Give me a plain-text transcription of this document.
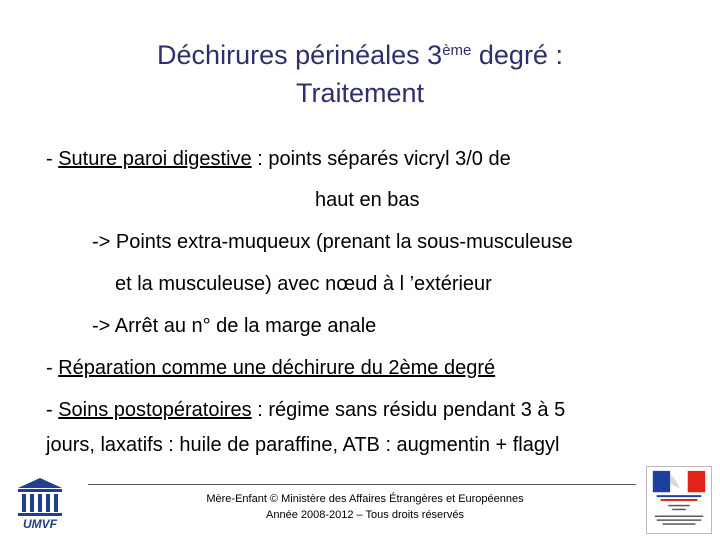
Déchirures périnéales 3ème degré :
Traitement
- Suture paroi digestive : points séparés vicryl 3/0 de
haut en bas
-> Points extra-muqueux (prenant la sous-musculeuse
et la musculeuse) avec nœud à l ’extérieur
-> Arrêt au n° de la marge anale
- Réparation comme une déchirure du 2ème degré
- Soins postopératoires : régime sans résidu pendant 3 à 5
jours, laxatifs : huile de paraffine, ATB : augmentin + flagyl
Mère-Enfant © Ministère des Affaires Étrangères et Européennes
Année 2008-2012 – Tous droits réservés
UMVF
